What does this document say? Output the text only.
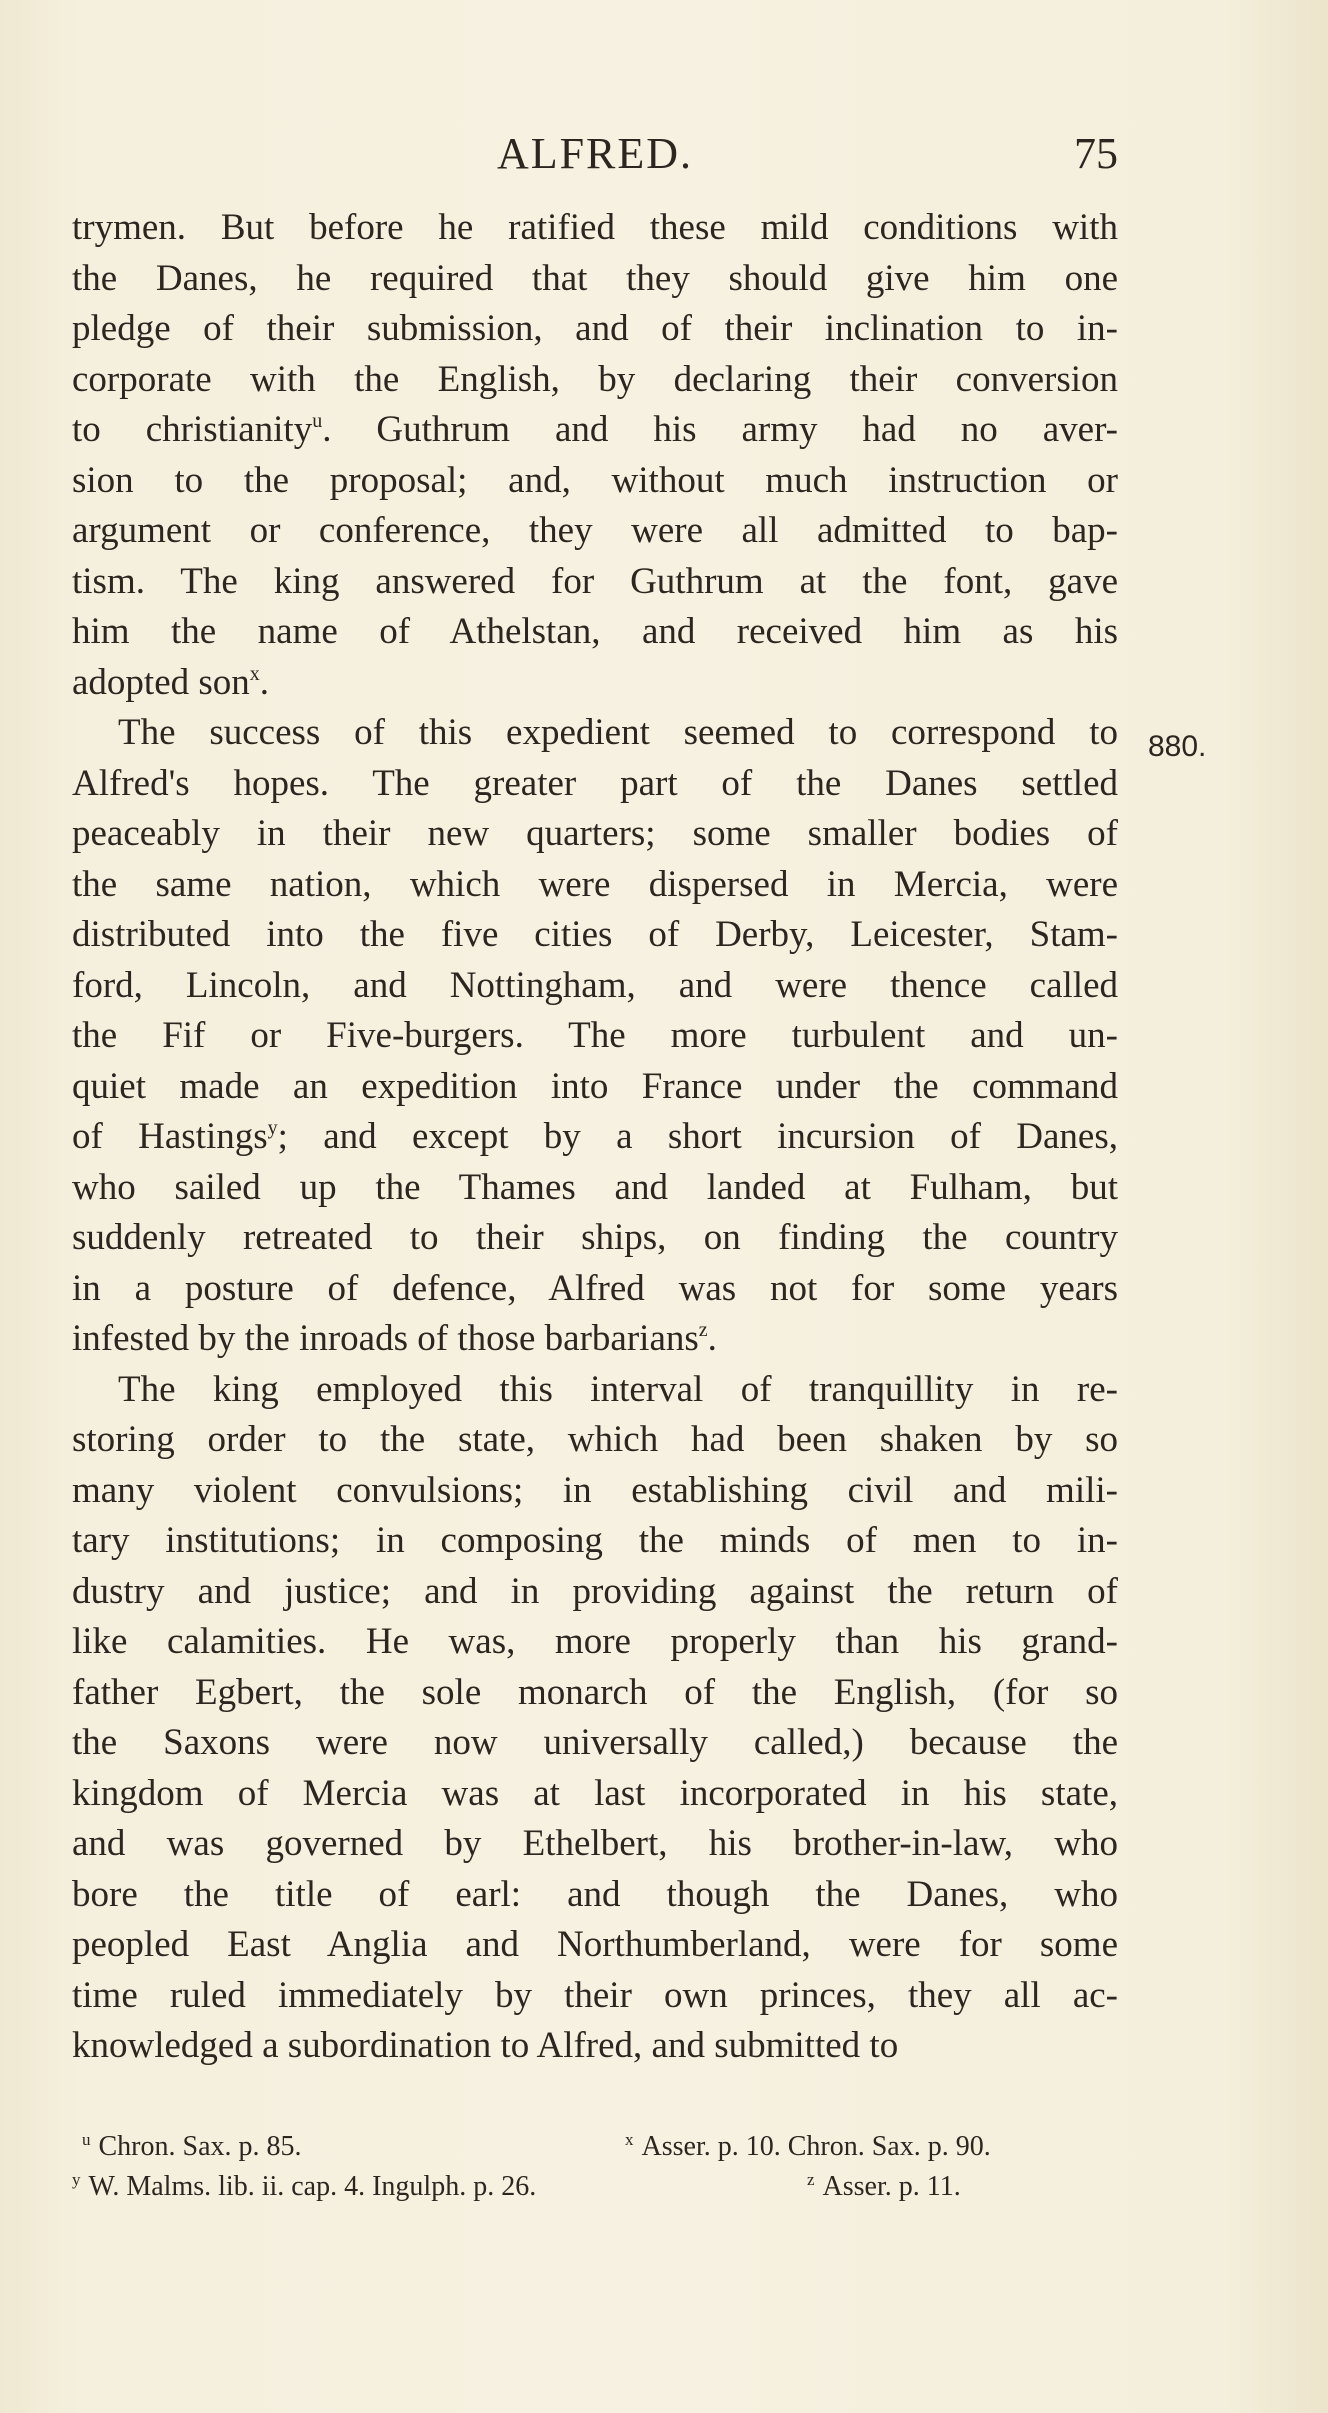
ALFRED.	75
880.
trymen. But before he ratified these mild conditions with
the Danes, he required that they should give him one
pledge of their submission, and of their inclination to in-
corporate with the English, by declaring their conversion
to christianity$^u$. Guthrum and his army had no aver-
sion to the proposal; and, without much instruction or
argument or conference, they were all admitted to bap-
tism. The king answered for Guthrum at the font, gave
him the name of Athelstan, and received him as his
adopted son$^x$.
The success of this expedient seemed to correspond to
Alfred's hopes. The greater part of the Danes settled
peaceably in their new quarters; some smaller bodies of
the same nation, which were dispersed in Mercia, were
distributed into the five cities of Derby, Leicester, Stam-
ford, Lincoln, and Nottingham, and were thence called
the Fif or Five-burgers. The more turbulent and un-
quiet made an expedition into France under the command
of Hastings$^y$; and except by a short incursion of Danes,
who sailed up the Thames and landed at Fulham, but
suddenly retreated to their ships, on finding the country
in a posture of defence, Alfred was not for some years
infested by the inroads of those barbarians$^z$.
The king employed this interval of tranquillity in re-
storing order to the state, which had been shaken by so
many violent convulsions; in establishing civil and mili-
tary institutions; in composing the minds of men to in-
dustry and justice; and in providing against the return of
like calamities. He was, more properly than his grand-
father Egbert, the sole monarch of the English, (for so
the Saxons were now universally called,) because the
kingdom of Mercia was at last incorporated in his state,
and was governed by Ethelbert, his brother-in-law, who
bore the title of earl: and though the Danes, who
peopled East Anglia and Northumberland, were for some
time ruled immediately by their own princes, they all ac-
knowledged a subordination to Alfred, and submitted to
$^u$ Chron. Sax. p. 85.	$^x$ Asser. p. 10. Chron. Sax. p. 90.
$^y$ W. Malms. lib. ii. cap. 4. Ingulph. p. 26.	$^z$ Asser. p. 11.
